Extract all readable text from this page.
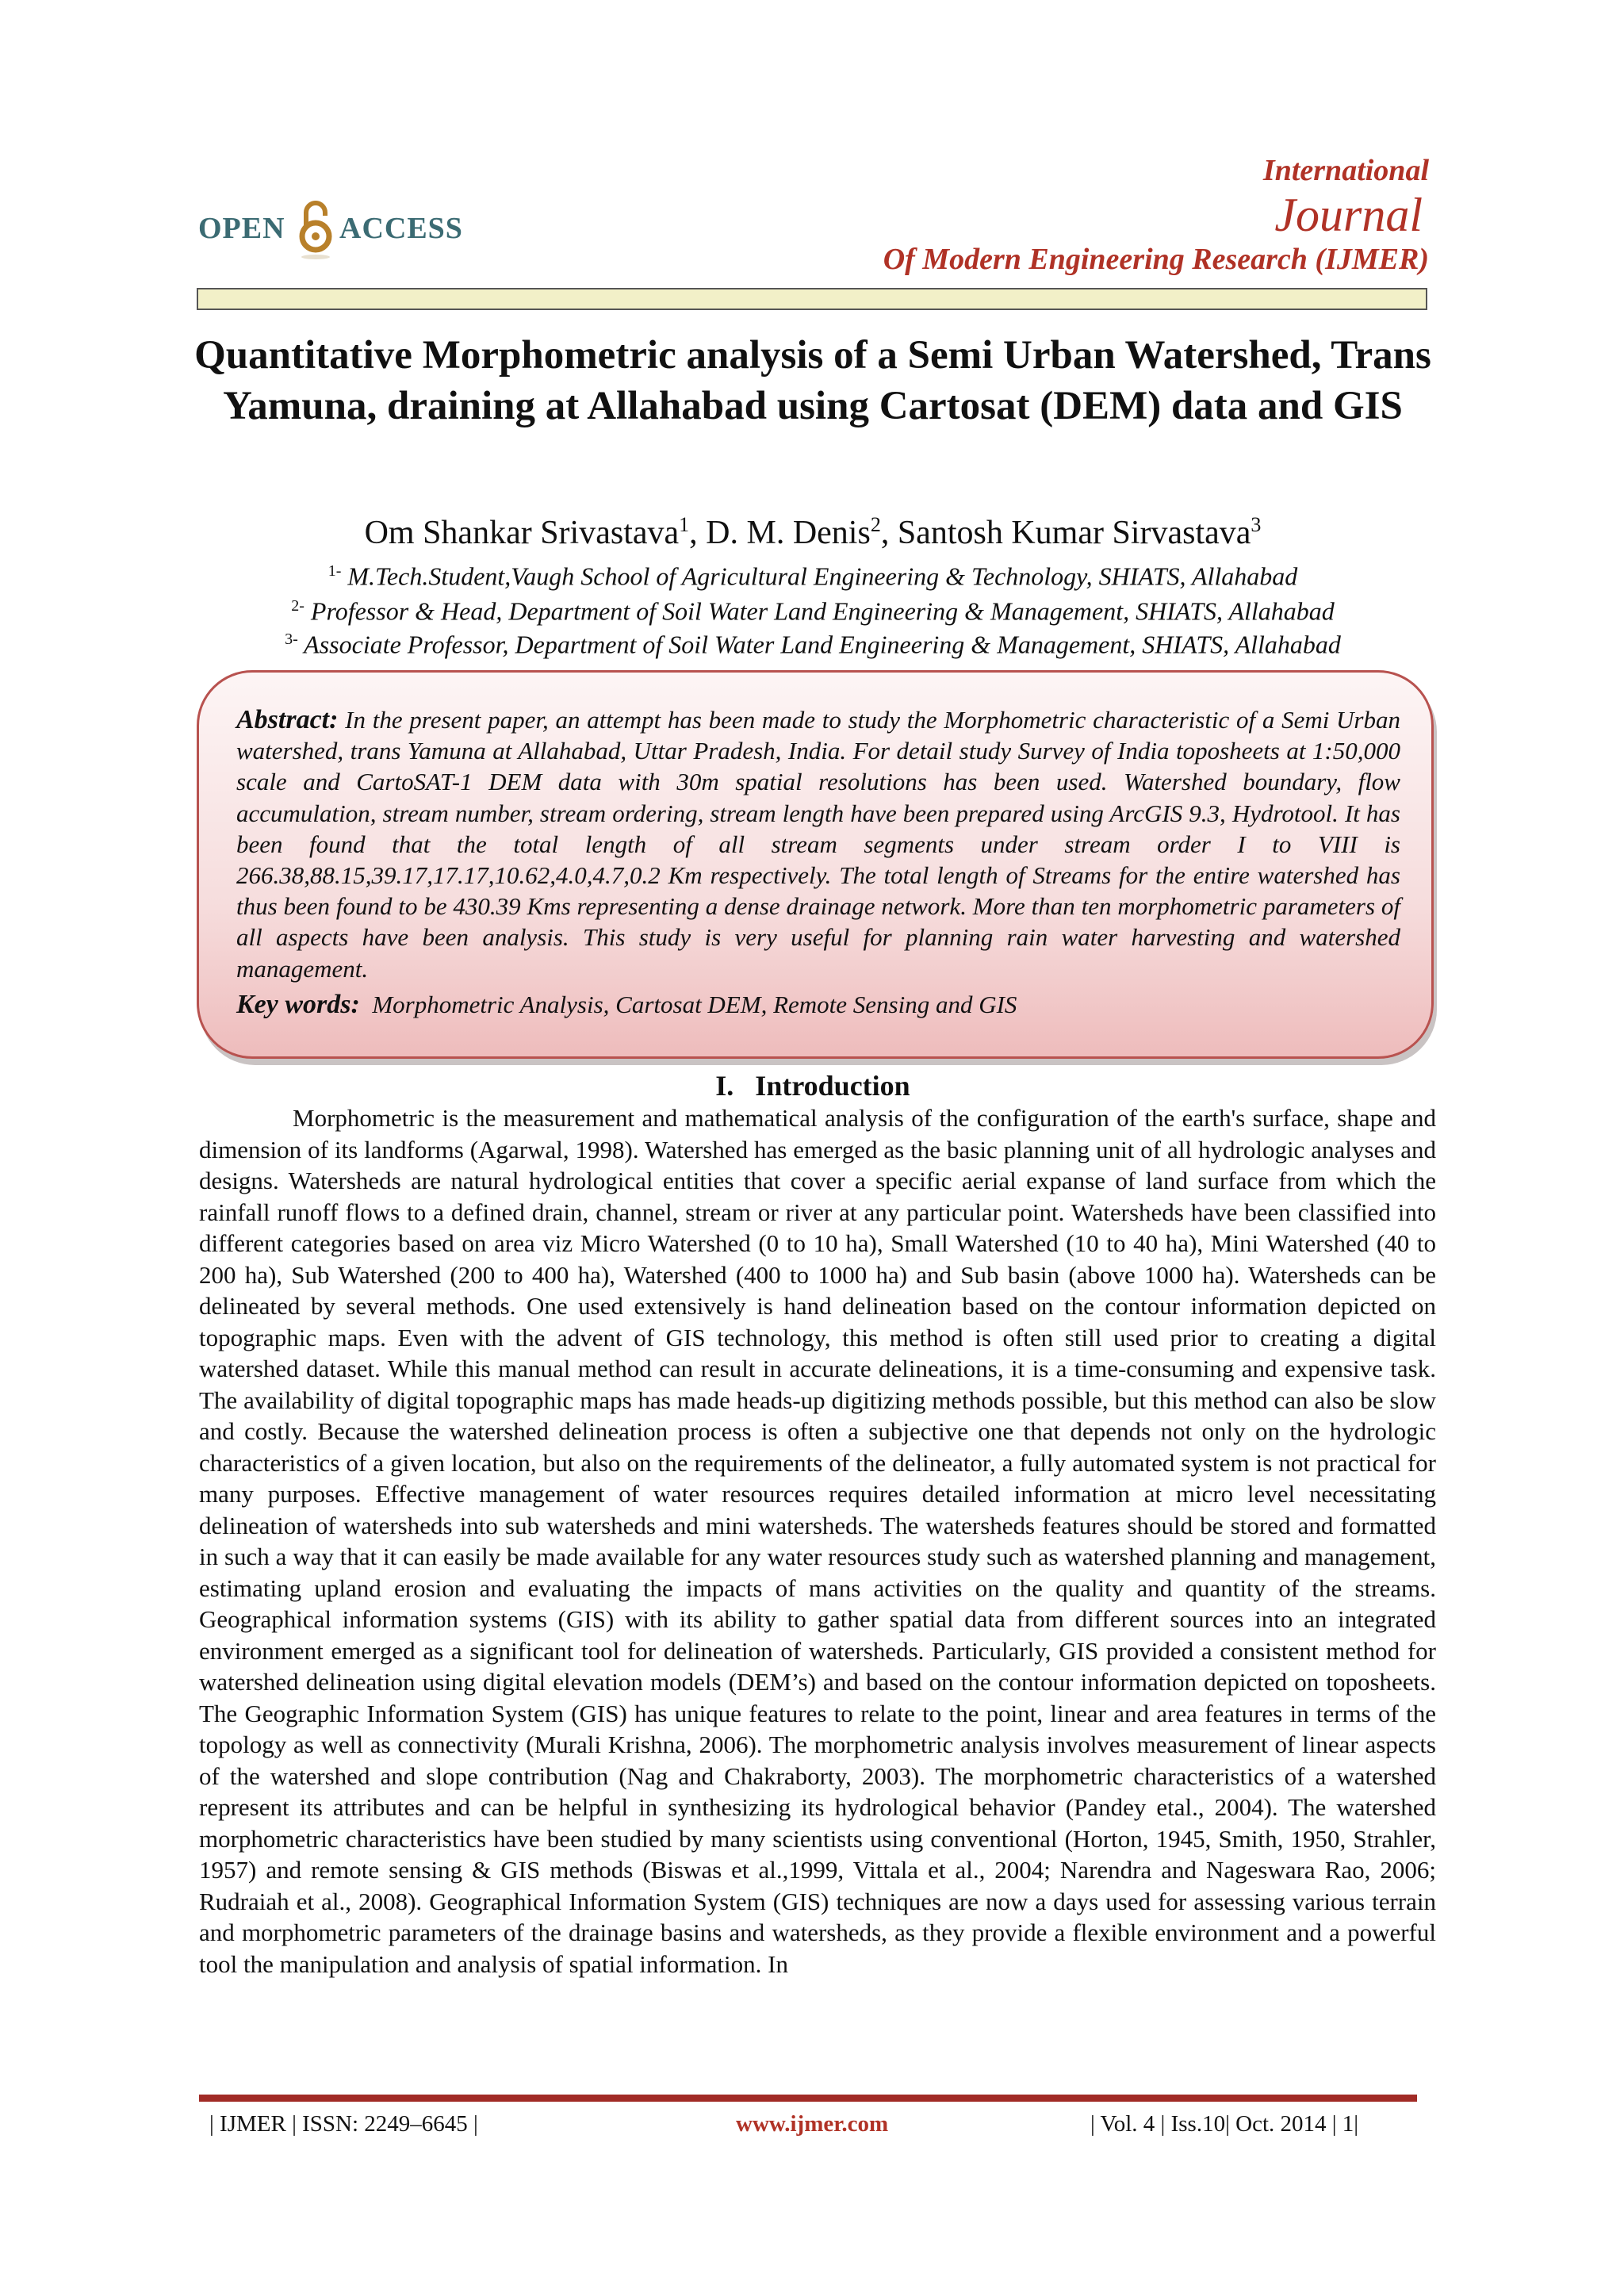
OPEN ACCESS
International
Journal
Of Modern Engineering Research (IJMER)
Quantitative Morphometric analysis of a Semi Urban Watershed, Trans Yamuna, draining at Allahabad using Cartosat (DEM) data and GIS
Om Shankar Srivastava$^1$, D. M. Denis$^2$, Santosh Kumar Sirvastava$^3$
$^{1-}$ M.Tech.Student,Vaugh School of Agricultural Engineering & Technology, SHIATS, Allahabad
$^{2-}$ Professor & Head, Department of Soil Water Land Engineering & Management, SHIATS, Allahabad
$^{3-}$ Associate Professor, Department of Soil Water Land Engineering & Management, SHIATS, Allahabad
Abstract: In the present paper, an attempt has been made to study the Morphometric characteristic of a Semi Urban watershed, trans Yamuna at Allahabad, Uttar Pradesh, India. For detail study Survey of India toposheets at 1:50,000 scale and CartoSAT-1 DEM data with 30m spatial resolutions has been used. Watershed boundary, flow accumulation, stream number, stream ordering, stream length have been prepared using ArcGIS 9.3, Hydrotool. It has been found that the total length of all stream segments under stream order I to VIII is 266.38,88.15,39.17,17.17,10.62,4.0,4.7,0.2 Km respectively. The total length of Streams for the entire watershed has thus been found to be 430.39 Kms representing a dense drainage network. More than ten morphometric parameters of all aspects have been analysis. This study is very useful for planning rain water harvesting and watershed management.
Key words: Morphometric Analysis, Cartosat DEM, Remote Sensing and GIS
I.   Introduction
Morphometric is the measurement and mathematical analysis of the configuration of the earth's surface, shape and dimension of its landforms (Agarwal, 1998). Watershed has emerged as the basic planning unit of all hydrologic analyses and designs. Watersheds are natural hydrological entities that cover a specific aerial expanse of land surface from which the rainfall runoff flows to a defined drain, channel, stream or river at any particular point. Watersheds have been classified into different categories based on area viz Micro Watershed (0 to 10 ha), Small Watershed (10 to 40 ha), Mini Watershed (40 to 200 ha), Sub Watershed (200 to 400 ha), Watershed (400 to 1000 ha) and Sub basin (above 1000 ha). Watersheds can be delineated by several methods. One used extensively is hand delineation based on the contour information depicted on topographic maps. Even with the advent of GIS technology, this method is often still used prior to creating a digital watershed dataset. While this manual method can result in accurate delineations, it is a time-consuming and expensive task. The availability of digital topographic maps has made heads-up digitizing methods possible, but this method can also be slow and costly. Because the watershed delineation process is often a subjective one that depends not only on the hydrologic characteristics of a given location, but also on the requirements of the delineator, a fully automated system is not practical for many purposes. Effective management of water resources requires detailed information at micro level necessitating delineation of watersheds into sub watersheds and mini watersheds. The watersheds features should be stored and formatted in such a way that it can easily be made available for any water resources study such as watershed planning and management, estimating upland erosion and evaluating the impacts of mans activities on the quality and quantity of the streams. Geographical information systems (GIS) with its ability to gather spatial data from different sources into an integrated environment emerged as a significant tool for delineation of watersheds. Particularly, GIS provided a consistent method for watershed delineation using digital elevation models (DEM’s) and based on the contour information depicted on toposheets. The Geographic Information System (GIS) has unique features to relate to the point, linear and area features in terms of the topology as well as connectivity (Murali Krishna, 2006). The morphometric analysis involves measurement of linear aspects of the watershed and slope contribution (Nag and Chakraborty, 2003). The morphometric characteristics of a watershed represent its attributes and can be helpful in synthesizing its hydrological behavior (Pandey etal., 2004). The watershed morphometric characteristics have been studied by many scientists using conventional (Horton, 1945, Smith, 1950, Strahler, 1957) and remote sensing & GIS methods (Biswas et al.,1999, Vittala et al., 2004; Narendra and Nageswara Rao, 2006; Rudraiah et al., 2008). Geographical Information System (GIS) techniques are now a days used for assessing various terrain and morphometric parameters of the drainage basins and watersheds, as they provide a flexible environment and a powerful tool the manipulation and analysis of spatial information. In
| IJMER | ISSN: 2249–6645 |	www.ijmer.com	| Vol. 4 | Iss.10| Oct. 2014 | 1|
